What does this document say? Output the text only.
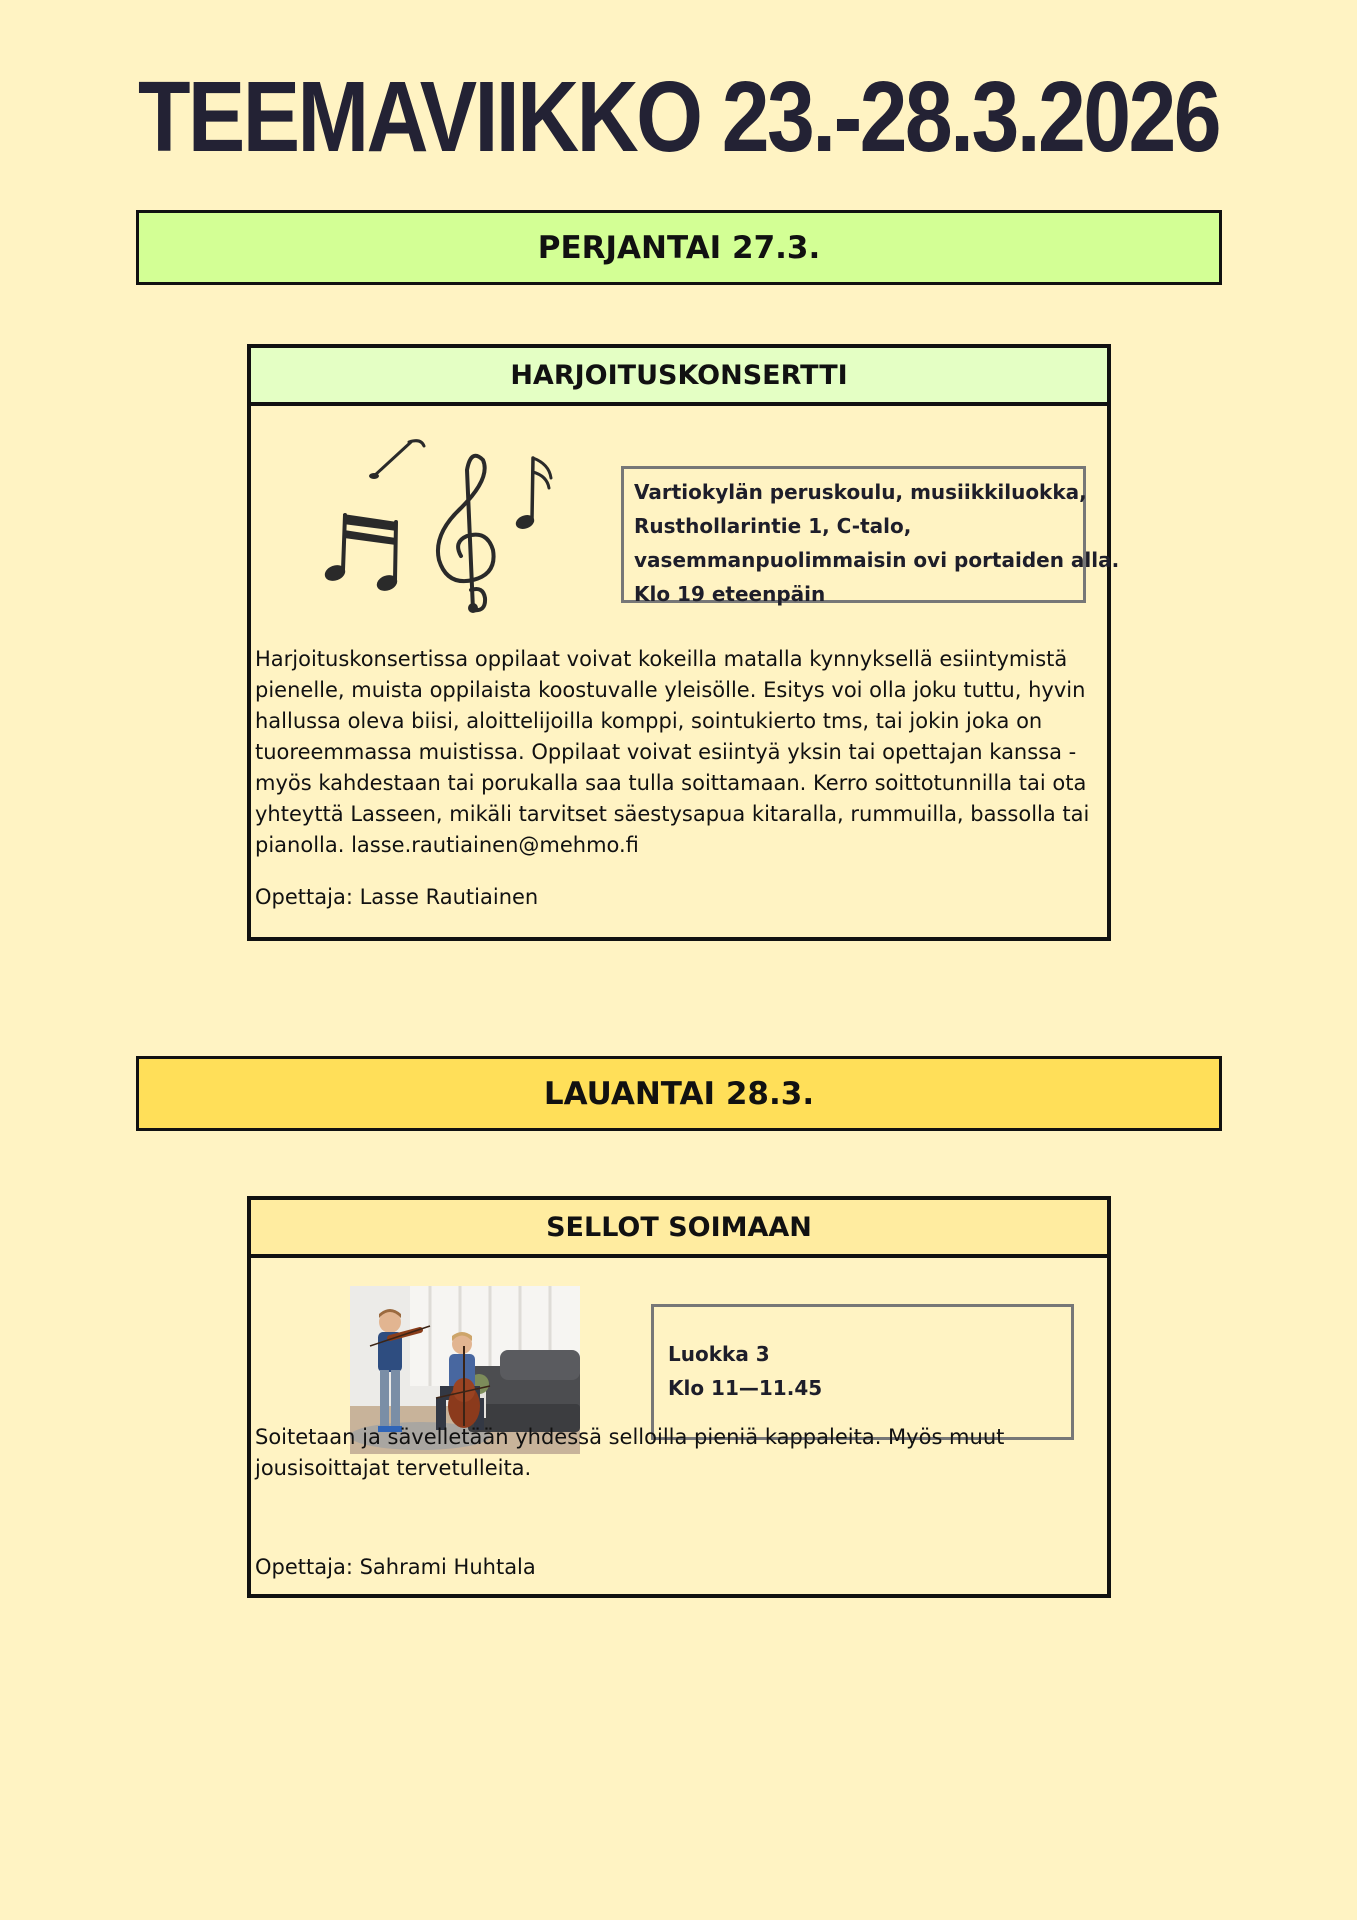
TEEMAVIIKKO 23.-28.3.2026
PERJANTAI 27.3.
HARJOITUSKONSERTTI
Vartiokylän peruskoulu, musiikkiluokka,
Rusthollarintie 1, C-talo,
vasemmanpuolimmaisin ovi portaiden alla.
Klo 19 eteenpäin

Harjoituskonsertissa oppilaat voivat kokeilla matalla kynnyksellä esiintymistä pienelle, muista oppilaista koostuvalle yleisölle. Esitys voi olla joku tuttu, hyvin hallussa oleva biisi, aloittelijoilla komppi, sointukierto tms, tai jokin joka on tuoreemmassa muistissa. Oppilaat voivat esiintyä yksin tai opettajan kanssa - myös kahdestaan tai porukalla saa tulla soittamaan. Kerro soittotunnilla tai ota yhteyttä Lasseen, mikäli tarvitset säestysapua kitaralla, rummuilla, bassolla tai pianolla. lasse.rautiainen@mehmo.fi

Opettaja: Lasse Rautiainen

LAUANTAI 28.3.
SELLOT SOIMAAN
Luokka 3
Klo 11—11.45

Soitetaan ja sävelletään yhdessä selloilla pieniä kappaleita. Myös muut jousisoittajat tervetulleita.

Opettaja: Sahrami Huhtala
